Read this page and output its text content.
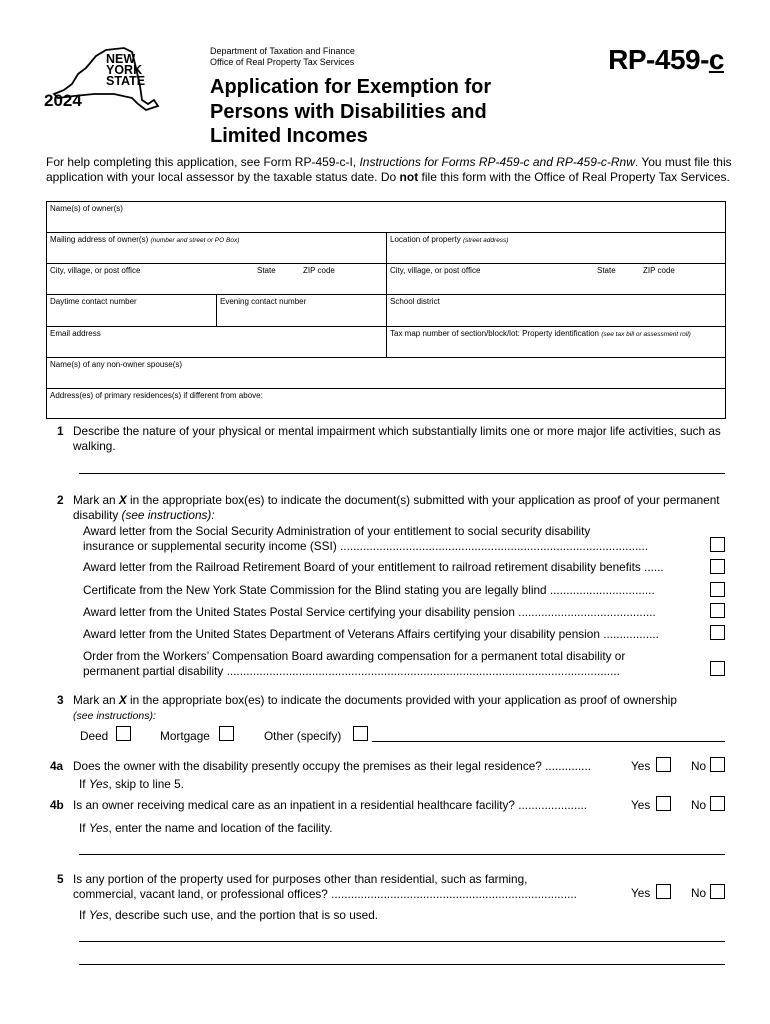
NEW
YORK
STATE
2024
Department of Taxation and Finance
Office of Real Property Tax Services
Application for Exemption for
Persons with Disabilities and
Limited Incomes
RP-459-c
For help completing this application, see Form RP-459-c-I, Instructions for Forms RP-459-c and RP-459-c-Rnw. You must file this application with your local assessor by the taxable status date. Do not file this form with the Office of Real Property Tax Services.
Name(s) of owner(s)
Mailing address of owner(s) (number and street or PO Box)	Location of property (street address)
City, village, or post office	State	ZIP code	City, village, or post office	State	ZIP code
Daytime contact number	Evening contact number	School district
Email address	Tax map number of section/block/lot: Property identification (see tax bill or assessment roll)
Name(s) of any non-owner spouse(s)
Address(es) of primary residences(s) if different from above:
1 Describe the nature of your physical or mental impairment which substantially limits one or more major life activities, such as walking.
2 Mark an X in the appropriate box(es) to indicate the document(s) submitted with your application as proof of your permanent disability (see instructions):
Award letter from the Social Security Administration of your entitlement to social security disability
insurance or supplemental security income (SSI) ..............................................................................................
Award letter from the Railroad Retirement Board of your entitlement to railroad retirement disability benefits ......
Certificate from the New York State Commission for the Blind stating you are legally blind ................................
Award letter from the United States Postal Service certifying your disability pension ..........................................
Award letter from the United States Department of Veterans Affairs certifying your disability pension .................
Order from the Workers’ Compensation Board awarding compensation for a permanent total disability or
permanent partial disability ........................................................................................................................
3 Mark an X in the appropriate box(es) to indicate the documents provided with your application as proof of ownership
(see instructions):
Deed	Mortgage	Other (specify)
4a Does the owner with the disability presently occupy the premises as their legal residence? ..............	Yes	No
If Yes, skip to line 5.
4b Is an owner receiving medical care as an inpatient in a residential healthcare facility? .....................	Yes	No
If Yes, enter the name and location of the facility.
5 Is any portion of the property used for purposes other than residential, such as farming,
commercial, vacant land, or professional offices? ...........................................................................	Yes	No
If Yes, describe such use, and the portion that is so used.
